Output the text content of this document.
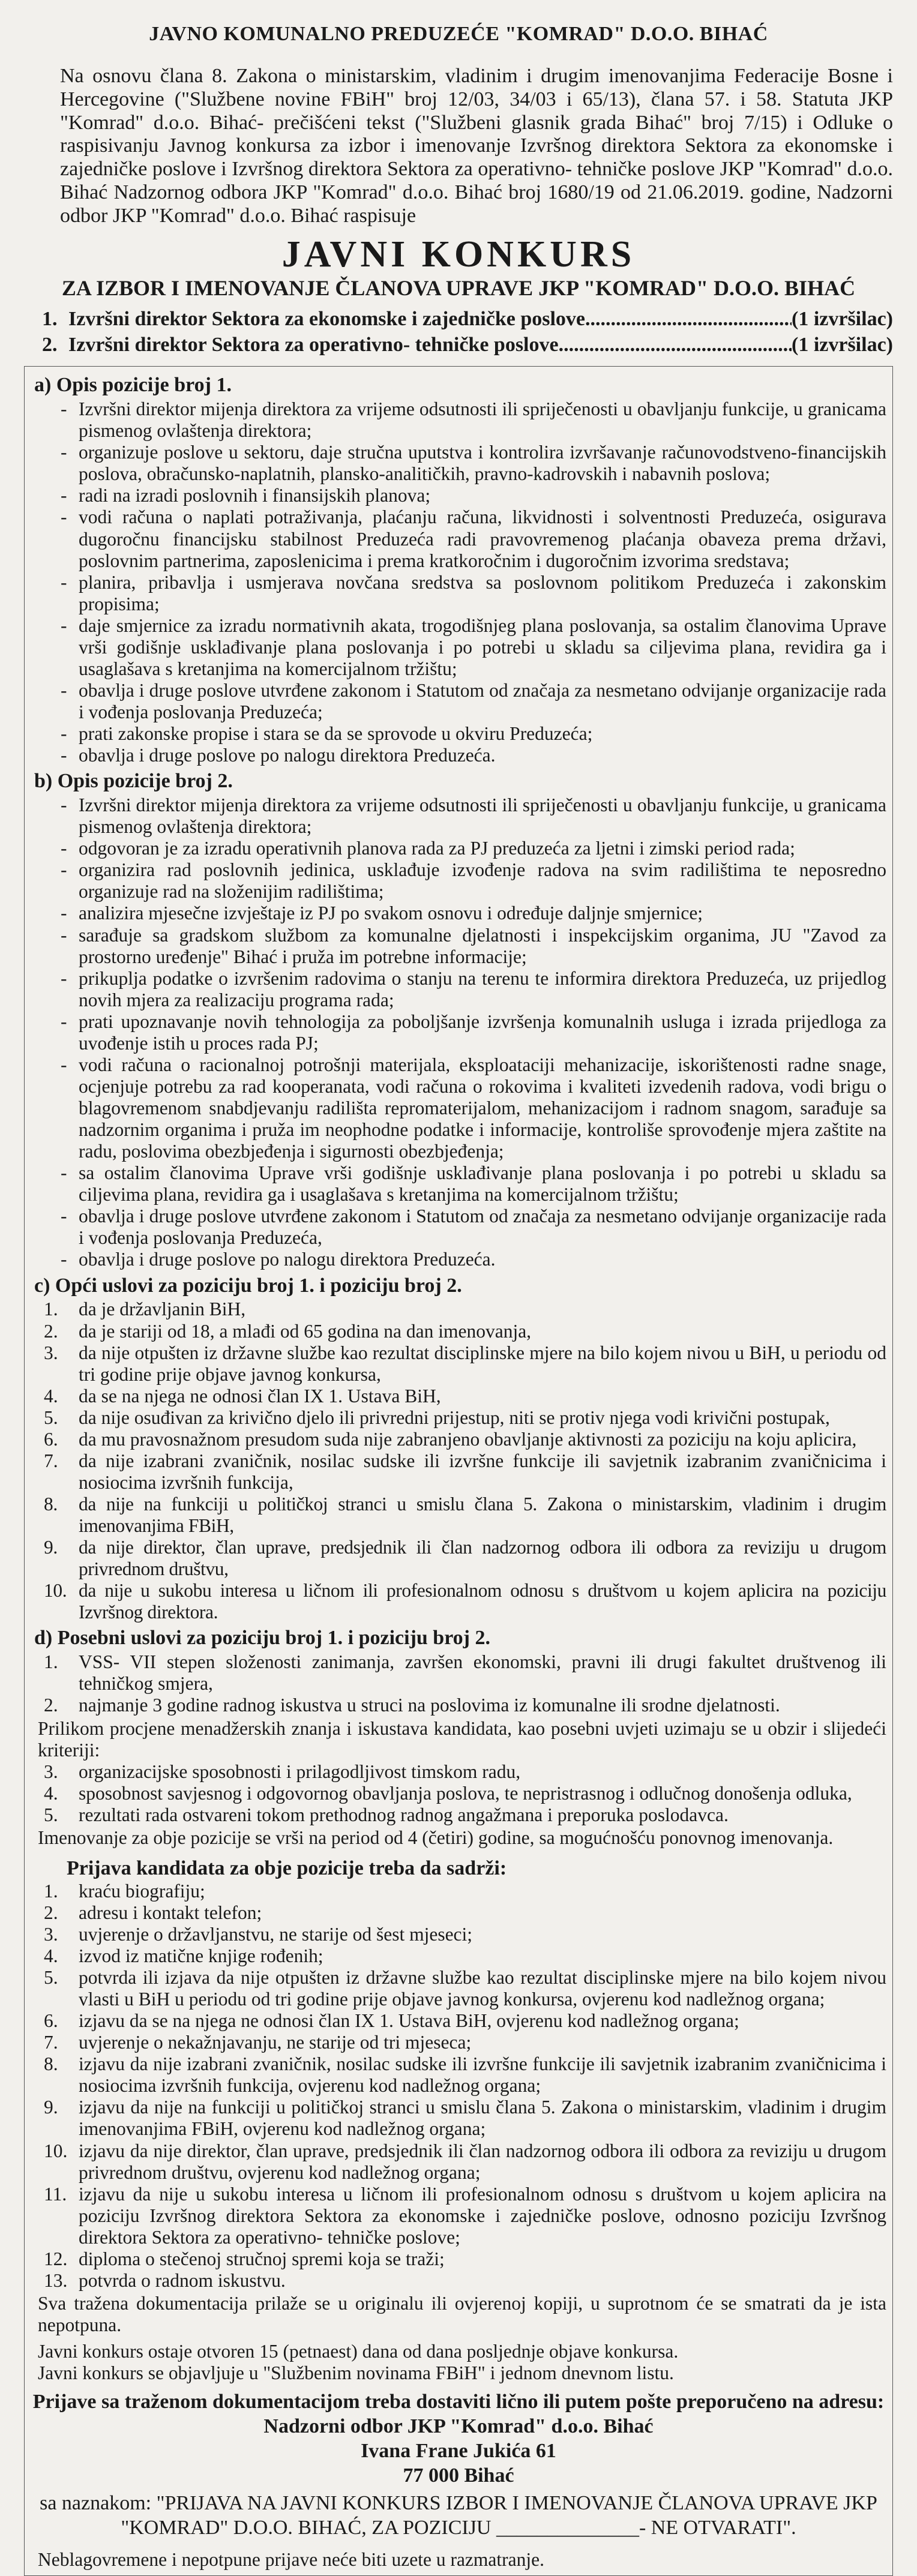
JAVNO KOMUNALNO PREDUZEĆE "KOMRAD" D.O.O. BIHAĆ
Na osnovu člana 8. Zakona o ministarskim, vladinim i drugim imenovanjima Federacije Bosne i Hercegovine ("Službene novine FBiH" broj 12/03, 34/03 i 65/13), člana 57. i 58. Statuta JKP "Komrad" d.o.o. Bihać- prečišćeni tekst ("Službeni glasnik grada Bihać" broj 7/15) i Odluke o raspisivanju Javnog konkursa za izbor i imenovanje Izvršnog direktora Sektora za ekonomske i zajedničke poslove i Izvršnog direktora Sektora za operativno- tehničke poslove JKP "Komrad" d.o.o. Bihać Nadzornog odbora JKP "Komrad" d.o.o. Bihać broj 1680/19 od 21.06.2019. godine, Nadzorni odbor JKP "Komrad" d.o.o. Bihać raspisuje
JAVNI KONKURS
ZA IZBOR I IMENOVANJE ČLANOVA UPRAVE JKP "KOMRAD" D.O.O. BIHAĆ
1. Izvršni direktor Sektora za ekonomske i zajedničke poslove .....	(1 izvršilac)
2. Izvršni direktor Sektora za operativno- tehničke poslove .....	(1 izvršilac)
a) Opis pozicije broj 1.
- Izvršni direktor mijenja direktora za vrijeme odsutnosti ili spriječenosti u obavljanju funkcije, u granicama pismenog ovlaštenja direktora;
- organizuje poslove u sektoru, daje stručna uputstva i kontrolira izvršavanje računovodstveno-financijskih poslova, obračunsko-naplatnih, plansko-analitičkih, pravno-kadrovskih i nabavnih poslova;
- radi na izradi poslovnih i finansijskih planova;
- vodi računa o naplati potraživanja, plaćanju računa, likvidnosti i solventnosti Preduzeća, osigurava dugoročnu financijsku stabilnost Preduzeća radi pravovremenog plaćanja obaveza prema državi, poslovnim partnerima, zaposlenicima i prema kratkoročnim i dugoročnim izvorima sredstava;
- planira, pribavlja i usmjerava novčana sredstva sa poslovnom politikom Preduzeća i zakonskim propisima;
- daje smjernice za izradu normativnih akata, trogodišnjeg plana poslovanja, sa ostalim članovima Uprave vrši godišnje usklađivanje plana poslovanja i po potrebi u skladu sa ciljevima plana, revidira ga i usaglašava s kretanjima na komercijalnom tržištu;
- obavlja i druge poslove utvrđene zakonom i Statutom od značaja za nesmetano odvijanje organizacije rada i vođenja poslovanja Preduzeća;
- prati zakonske propise i stara se da se sprovode u okviru Preduzeća;
- obavlja i druge poslove po nalogu direktora Preduzeća.
b) Opis pozicije broj 2.
- Izvršni direktor mijenja direktora za vrijeme odsutnosti ili spriječenosti u obavljanju funkcije, u granicama pismenog ovlaštenja direktora;
- odgovoran je za izradu operativnih planova rada za PJ preduzeća za ljetni i zimski period rada;
- organizira rad poslovnih jedinica, usklađuje izvođenje radova na svim radilištima te neposredno organizuje rad na složenijim radilištima;
- analizira mjesečne izvještaje iz PJ po svakom osnovu i određuje daljnje smjernice;
- sarađuje sa gradskom službom za komunalne djelatnosti i inspekcijskim organima, JU "Zavod za prostorno uređenje" Bihać i pruža im potrebne informacije;
- prikuplja podatke o izvršenim radovima o stanju na terenu te informira direktora Preduzeća, uz prijedlog novih mjera za realizaciju programa rada;
- prati upoznavanje novih tehnologija za poboljšanje izvršenja komunalnih usluga i izrada prijedloga za uvođenje istih u proces rada PJ;
- vodi računa o racionalnoj potrošnji materijala, eksploataciji mehanizacije, iskorištenosti radne snage, ocjenjuje potrebu za rad kooperanata, vodi računa o rokovima i kvaliteti izvedenih radova, vodi brigu o blagovremenom snabdjevanju radilišta repromaterijalom, mehanizacijom i radnom snagom, sarađuje sa nadzornim organima i pruža im neophodne podatke i informacije, kontroliše sprovođenje mjera zaštite na radu, poslovima obezbjeđenja i sigurnosti obezbjeđenja;
- sa ostalim članovima Uprave vrši godišnje usklađivanje plana poslovanja i po potrebi u skladu sa ciljevima plana, revidira ga i usaglašava s kretanjima na komercijalnom tržištu;
- obavlja i druge poslove utvrđene zakonom i Statutom od značaja za nesmetano odvijanje organizacije rada i vođenja poslovanja Preduzeća,
- obavlja i druge poslove po nalogu direktora Preduzeća.
c) Opći uslovi za poziciju broj 1. i poziciju broj 2.
1. da je državljanin BiH,
2. da je stariji od 18, a mlađi od 65 godina na dan imenovanja,
3. da nije otpušten iz državne službe kao rezultat disciplinske mjere na bilo kojem nivou u BiH, u periodu od tri godine prije objave javnog konkursa,
4. da se na njega ne odnosi član IX 1. Ustava BiH,
5. da nije osuđivan za krivično djelo ili privredni prijestup, niti se protiv njega vodi krivični postupak,
6. da mu pravosnažnom presudom suda nije zabranjeno obavljanje aktivnosti za poziciju na koju aplicira,
7. da nije izabrani zvaničnik, nosilac sudske ili izvršne funkcije ili savjetnik izabranim zvaničnicima i nosiocima izvršnih funkcija,
8. da nije na funkciji u političkoj stranci u smislu člana 5. Zakona o ministarskim, vladinim i drugim imenovanjima FBiH,
9. da nije direktor, član uprave, predsjednik ili član nadzornog odbora ili odbora za reviziju u drugom privrednom društvu,
10. da nije u sukobu interesa u ličnom ili profesionalnom odnosu s društvom u kojem aplicira na poziciju Izvršnog direktora.
d) Posebni uslovi za poziciju broj 1. i poziciju broj 2.
1. VSS- VII stepen složenosti zanimanja, završen ekonomski, pravni ili drugi fakultet društvenog ili tehničkog smjera,
2. najmanje 3 godine radnog iskustva u struci na poslovima iz komunalne ili srodne djelatnosti.
Prilikom procjene menadžerskih znanja i iskustava kandidata, kao posebni uvjeti uzimaju se u obzir i slijedeći kriteriji:
3. organizacijske sposobnosti i prilagodljivost timskom radu,
4. sposobnost savjesnog i odgovornog obavljanja poslova, te nepristrasnog i odlučnog donošenja odluka,
5. rezultati rada ostvareni tokom prethodnog radnog angažmana i preporuka poslodavca.
Imenovanje za obje pozicije se vrši na period od 4 (četiri) godine, sa mogućnošću ponovnog imenovanja.
Prijava kandidata za obje pozicije treba da sadrži:
1. kraću biografiju;
2. adresu i kontakt telefon;
3. uvjerenje o državljanstvu, ne starije od šest mjeseci;
4. izvod iz matične knjige rođenih;
5. potvrda ili izjava da nije otpušten iz državne službe kao rezultat disciplinske mjere na bilo kojem nivou vlasti u BiH u periodu od tri godine prije objave javnog konkursa, ovjerenu kod nadležnog organa;
6. izjavu da se na njega ne odnosi član IX 1. Ustava BiH, ovjerenu kod nadležnog organa;
7. uvjerenje o nekažnjavanju, ne starije od tri mjeseca;
8. izjavu da nije izabrani zvaničnik, nosilac sudske ili izvršne funkcije ili savjetnik izabranim zvaničnicima i nosiocima izvršnih funkcija, ovjerenu kod nadležnog organa;
9. izjavu da nije na funkciji u političkoj stranci u smislu člana 5. Zakona o ministarskim, vladinim i drugim imenovanjima FBiH, ovjerenu kod nadležnog organa;
10. izjavu da nije direktor, član uprave, predsjednik ili član nadzornog odbora ili odbora za reviziju u drugom privrednom društvu, ovjerenu kod nadležnog organa;
11. izjavu da nije u sukobu interesa u ličnom ili profesionalnom odnosu s društvom u kojem aplicira na poziciju Izvršnog direktora Sektora za ekonomske i zajedničke poslove, odnosno poziciju Izvršnog direktora Sektora za operativno- tehničke poslove;
12. diploma o stečenoj stručnoj spremi koja se traži;
13. potvrda o radnom iskustvu.
Sva tražena dokumentacija prilaže se u originalu ili ovjerenoj kopiji, u suprotnom će se smatrati da je ista nepotpuna.
Javni konkurs ostaje otvoren 15 (petnaest) dana od dana posljednje objave konkursa.
Javni konkurs se objavljuje u "Službenim novinama FBiH" i jednom dnevnom listu.
Prijave sa traženom dokumentacijom treba dostaviti lično ili putem pošte preporučeno na adresu:
Nadzorni odbor JKP "Komrad" d.o.o. Bihać
Ivana Frane Jukića 61
77 000 Bihać
sa naznakom: "PRIJAVA NA JAVNI KONKURS IZBOR I IMENOVANJE ČLANOVA UPRAVE JKP
"KOMRAD" D.O.O. BIHAĆ, ZA POZICIJU ______________- NE OTVARATI".
Neblagovremene i nepotpune prijave neće biti uzete u razmatranje.
